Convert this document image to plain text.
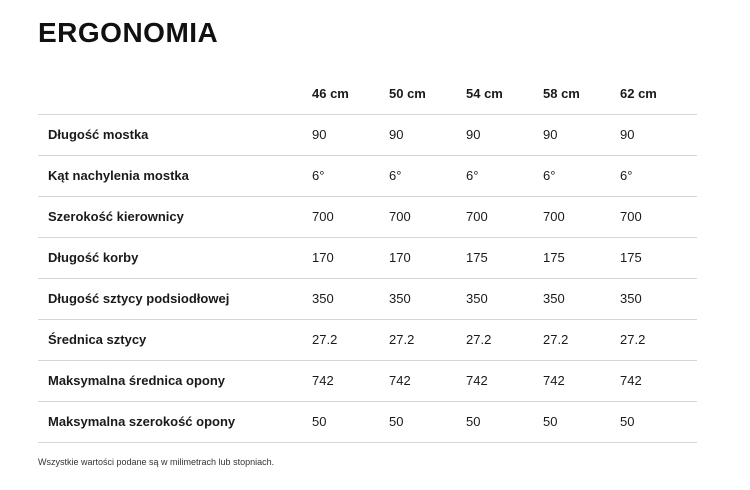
ERGONOMIA
	46 cm	50 cm	54 cm	58 cm	62 cm
Długość mostka	90	90	90	90	90
Kąt nachylenia mostka	6°	6°	6°	6°	6°
Szerokość kierownicy	700	700	700	700	700
Długość korby	170	170	175	175	175
Długość sztycy podsiodłowej	350	350	350	350	350
Średnica sztycy	27.2	27.2	27.2	27.2	27.2
Maksymalna średnica opony	742	742	742	742	742
Maksymalna szerokość opony	50	50	50	50	50

Wszystkie wartości podane są w milimetrach lub stopniach.
